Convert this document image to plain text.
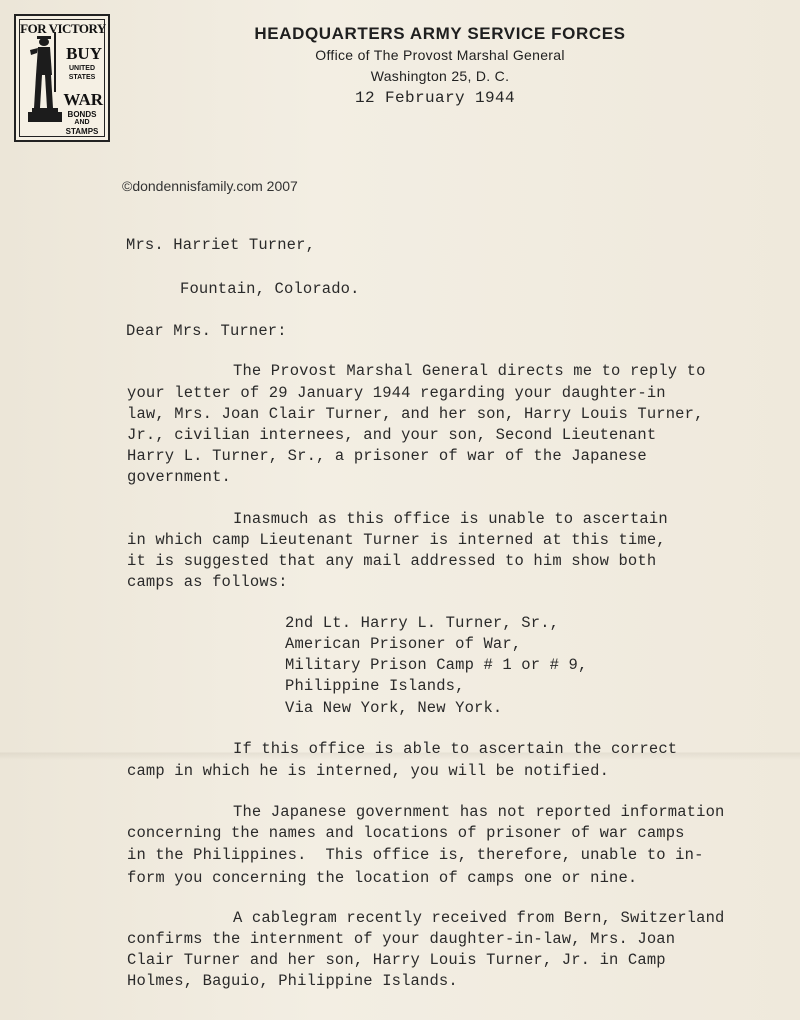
FOR VICTORY
BUY
UNITED
STATES
WAR
BONDS
AND
STAMPS
HEADQUARTERS ARMY SERVICE FORCES
Office of The Provost Marshal General
Washington 25, D. C.
12 February 1944
©dondennisfamily.com 2007
Mrs. Harriet Turner,
Fountain, Colorado.
Dear Mrs. Turner:
The Provost Marshal General directs me to reply to
your letter of 29 January 1944 regarding your daughter-in
law, Mrs. Joan Clair Turner, and her son, Harry Louis Turner,
Jr., civilian internees, and your son, Second Lieutenant
Harry L. Turner, Sr., a prisoner of war of the Japanese
government.
Inasmuch as this office is unable to ascertain
in which camp Lieutenant Turner is interned at this time,
it is suggested that any mail addressed to him show both
camps as follows:
2nd Lt. Harry L. Turner, Sr.,
American Prisoner of War,
Military Prison Camp # 1 or # 9,
Philippine Islands,
Via New York, New York.
If this office is able to ascertain the correct
camp in which he is interned, you will be notified.
The Japanese government has not reported information
concerning the names and locations of prisoner of war camps
in the Philippines.  This office is, therefore, unable to in-
form you concerning the location of camps one or nine.
A cablegram recently received from Bern, Switzerland
confirms the internment of your daughter-in-law, Mrs. Joan
Clair Turner and her son, Harry Louis Turner, Jr. in Camp
Holmes, Baguio, Philippine Islands.
